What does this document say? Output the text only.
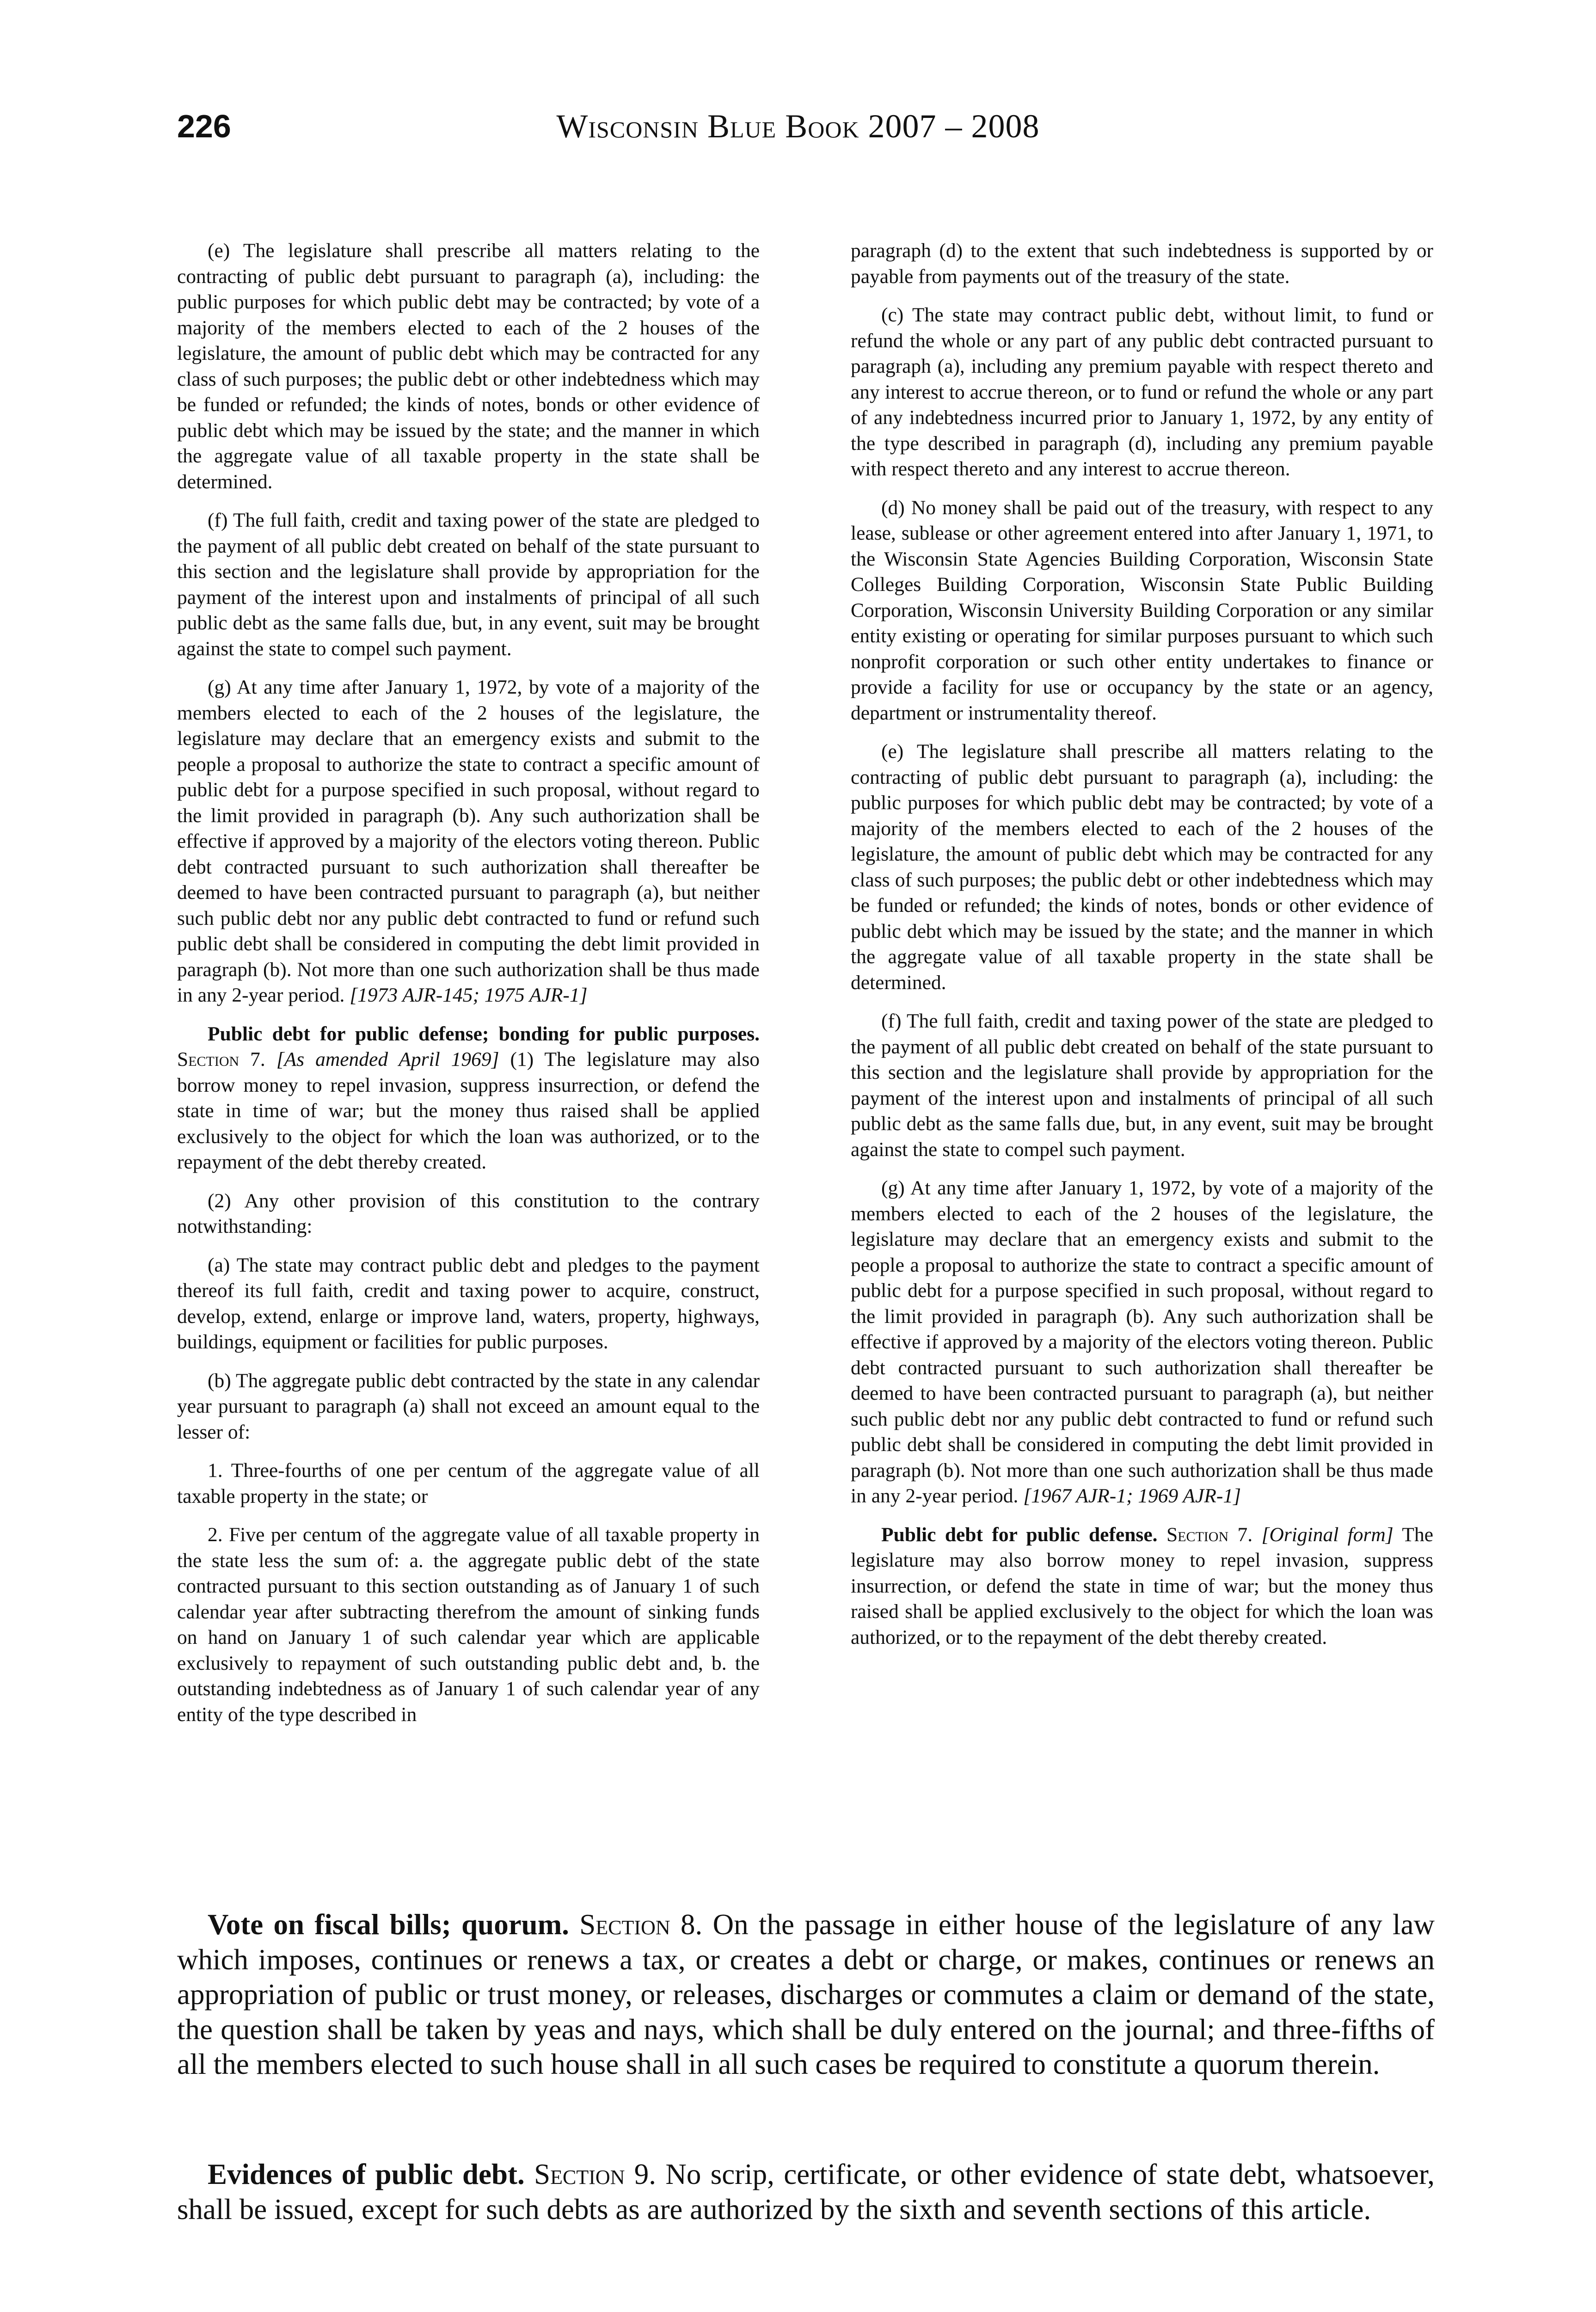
226	Wisconsin Blue Book 2007 – 2008

(e) The legislature shall prescribe all matters relating to the contracting of public debt pursuant to paragraph (a), including: the public purposes for which public debt may be contracted; by vote of a majority of the members elected to each of the 2 houses of the legislature, the amount of public debt which may be contracted for any class of such purposes; the public debt or other indebtedness which may be funded or refunded; the kinds of notes, bonds or other evidence of public debt which may be issued by the state; and the manner in which the aggregate value of all taxable property in the state shall be determined.

(f) The full faith, credit and taxing power of the state are pledged to the payment of all public debt created on behalf of the state pursuant to this section and the legislature shall provide by appropriation for the payment of the interest upon and instalments of principal of all such public debt as the same falls due, but, in any event, suit may be brought against the state to compel such payment.

(g) At any time after January 1, 1972, by vote of a majority of the members elected to each of the 2 houses of the legislature, the legislature may declare that an emergency exists and submit to the people a proposal to authorize the state to contract a specific amount of public debt for a purpose specified in such proposal, without regard to the limit provided in paragraph (b). Any such authorization shall be effective if approved by a majority of the electors voting thereon. Public debt contracted pursuant to such authorization shall thereafter be deemed to have been contracted pursuant to paragraph (a), but neither such public debt nor any public debt contracted to fund or refund such public debt shall be considered in computing the debt limit provided in paragraph (b). Not more than one such authorization shall be thus made in any 2-year period. [1973 AJR-145; 1975 AJR-1]

Public debt for public defense; bonding for public purposes. Section 7. [As amended April 1969] (1) The legislature may also borrow money to repel invasion, suppress insurrection, or defend the state in time of war; but the money thus raised shall be applied exclusively to the object for which the loan was authorized, or to the repayment of the debt thereby created.

(2) Any other provision of this constitution to the contrary notwithstanding:

(a) The state may contract public debt and pledges to the payment thereof its full faith, credit and taxing power to acquire, construct, develop, extend, enlarge or improve land, waters, property, highways, buildings, equipment or facilities for public purposes.

(b) The aggregate public debt contracted by the state in any calendar year pursuant to paragraph (a) shall not exceed an amount equal to the lesser of:

1. Three-fourths of one per centum of the aggregate value of all taxable property in the state; or

2. Five per centum of the aggregate value of all taxable property in the state less the sum of: a. the aggregate public debt of the state contracted pursuant to this section outstanding as of January 1 of such calendar year after subtracting therefrom the amount of sinking funds on hand on January 1 of such calendar year which are applicable exclusively to repayment of such outstanding public debt and, b. the outstanding indebtedness as of January 1 of such calendar year of any entity of the type described in

paragraph (d) to the extent that such indebtedness is supported by or payable from payments out of the treasury of the state.

(c) The state may contract public debt, without limit, to fund or refund the whole or any part of any public debt contracted pursuant to paragraph (a), including any premium payable with respect thereto and any interest to accrue thereon, or to fund or refund the whole or any part of any indebtedness incurred prior to January 1, 1972, by any entity of the type described in paragraph (d), including any premium payable with respect thereto and any interest to accrue thereon.

(d) No money shall be paid out of the treasury, with respect to any lease, sublease or other agreement entered into after January 1, 1971, to the Wisconsin State Agencies Building Corporation, Wisconsin State Colleges Building Corporation, Wisconsin State Public Building Corporation, Wisconsin University Building Corporation or any similar entity existing or operating for similar purposes pursuant to which such nonprofit corporation or such other entity undertakes to finance or provide a facility for use or occupancy by the state or an agency, department or instrumentality thereof.

(e) The legislature shall prescribe all matters relating to the contracting of public debt pursuant to paragraph (a), including: the public purposes for which public debt may be contracted; by vote of a majority of the members elected to each of the 2 houses of the legislature, the amount of public debt which may be contracted for any class of such purposes; the public debt or other indebtedness which may be funded or refunded; the kinds of notes, bonds or other evidence of public debt which may be issued by the state; and the manner in which the aggregate value of all taxable property in the state shall be determined.

(f) The full faith, credit and taxing power of the state are pledged to the payment of all public debt created on behalf of the state pursuant to this section and the legislature shall provide by appropriation for the payment of the interest upon and instalments of principal of all such public debt as the same falls due, but, in any event, suit may be brought against the state to compel such payment.

(g) At any time after January 1, 1972, by vote of a majority of the members elected to each of the 2 houses of the legislature, the legislature may declare that an emergency exists and submit to the people a proposal to authorize the state to contract a specific amount of public debt for a purpose specified in such proposal, without regard to the limit provided in paragraph (b). Any such authorization shall be effective if approved by a majority of the electors voting thereon. Public debt contracted pursuant to such authorization shall thereafter be deemed to have been contracted pursuant to paragraph (a), but neither such public debt nor any public debt contracted to fund or refund such public debt shall be considered in computing the debt limit provided in paragraph (b). Not more than one such authorization shall be thus made in any 2-year period. [1967 AJR-1; 1969 AJR-1]

Public debt for public defense. Section 7. [Original form] The legislature may also borrow money to repel invasion, suppress insurrection, or defend the state in time of war; but the money thus raised shall be applied exclusively to the object for which the loan was authorized, or to the repayment of the debt thereby created.

Vote on fiscal bills; quorum. Section 8. On the passage in either house of the legislature of any law which imposes, continues or renews a tax, or creates a debt or charge, or makes, continues or renews an appropriation of public or trust money, or releases, discharges or commutes a claim or demand of the state, the question shall be taken by yeas and nays, which shall be duly entered on the journal; and three-fifths of all the members elected to such house shall in all such cases be required to constitute a quorum therein.

Evidences of public debt. Section 9. No scrip, certificate, or other evidence of state debt, whatsoever, shall be issued, except for such debts as are authorized by the sixth and seventh sections of this article.
